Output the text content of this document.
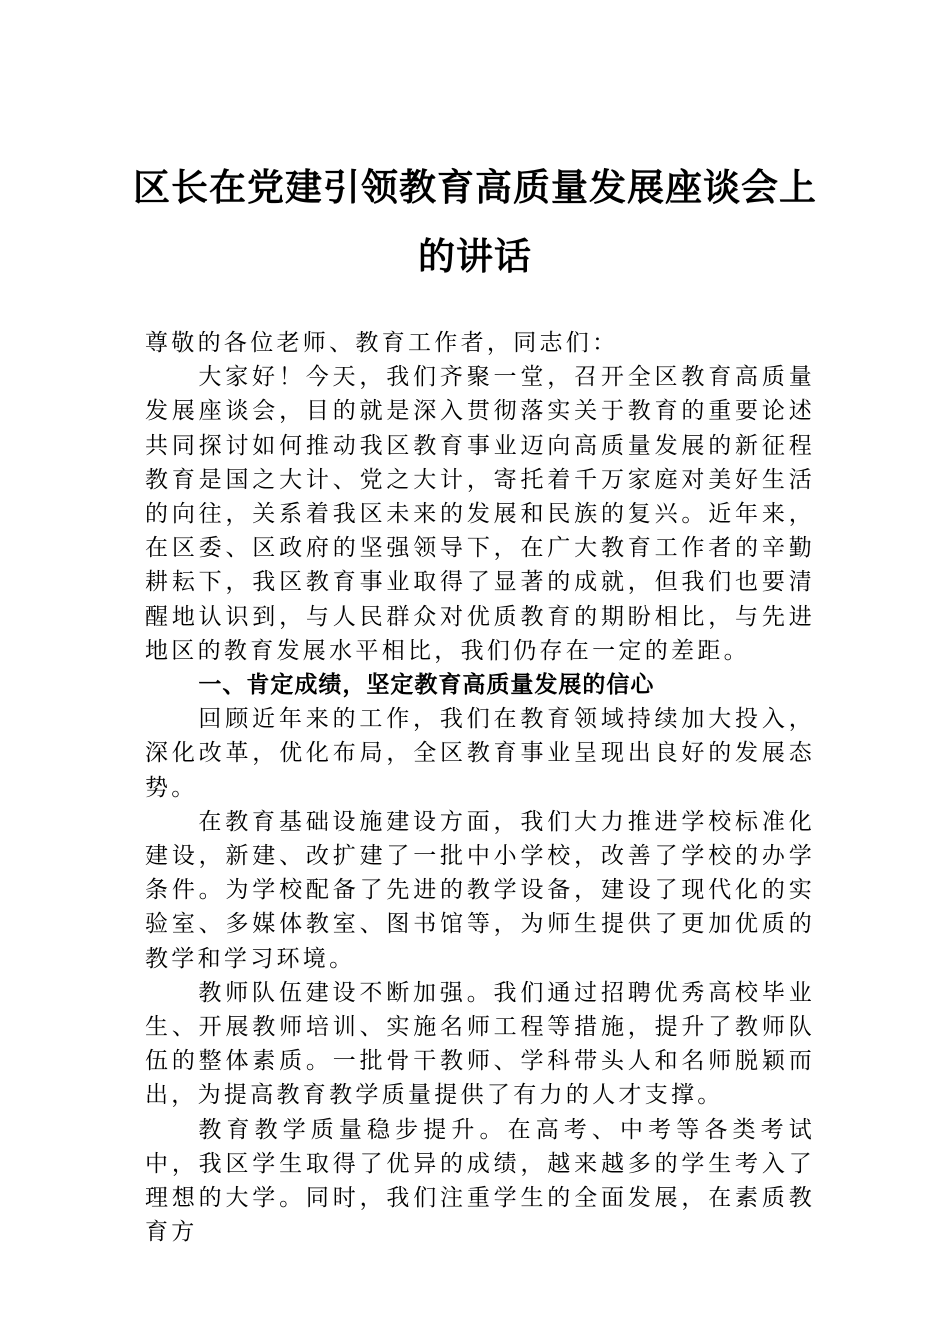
区长在党建引领教育高质量发展座谈会上
的讲话

尊敬的各位老师、教育工作者，同志们：

大家好！今天，我们齐聚一堂，召开全区教育高质量发展座谈会，目的就是深入贯彻落实关于教育的重要论述共同探讨如何推动我区教育事业迈向高质量发展的新征程教育是国之大计、党之大计，寄托着千万家庭对美好生活的向往，关系着我区未来的发展和民族的复兴。近年来，在区委、区政府的坚强领导下，在广大教育工作者的辛勤耕耘下，我区教育事业取得了显著的成就，但我们也要清醒地认识到，与人民群众对优质教育的期盼相比，与先进地区的教育发展水平相比，我们仍存在一定的差距。

一、肯定成绩，坚定教育高质量发展的信心

回顾近年来的工作，我们在教育领域持续加大投入，深化改革，优化布局，全区教育事业呈现出良好的发展态势。

在教育基础设施建设方面，我们大力推进学校标准化建设，新建、改扩建了一批中小学校，改善了学校的办学条件。为学校配备了先进的教学设备，建设了现代化的实验室、多媒体教室、图书馆等，为师生提供了更加优质的教学和学习环境。

教师队伍建设不断加强。我们通过招聘优秀高校毕业生、开展教师培训、实施名师工程等措施，提升了教师队伍的整体素质。一批骨干教师、学科带头人和名师脱颖而出，为提高教育教学质量提供了有力的人才支撑。

教育教学质量稳步提升。在高考、中考等各类考试中，我区学生取得了优异的成绩，越来越多的学生考入了理想的大学。同时，我们注重学生的全面发展，在素质教育方
